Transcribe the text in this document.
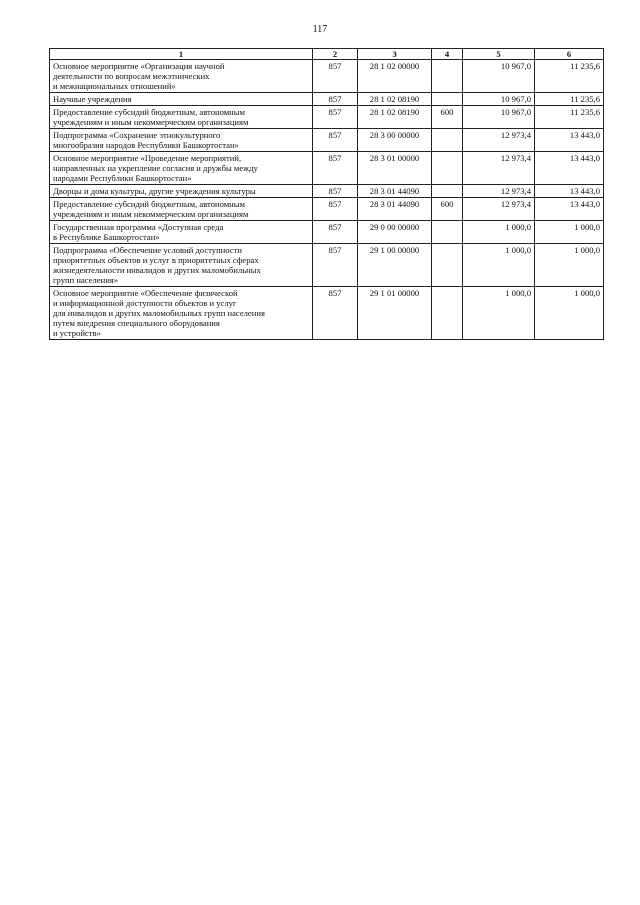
117
1	2	3	4	5	6

Основное мероприятие «Организация научной
деятельности по вопросам межэтнических
и межнациональных отношений»	857	28 1 02 00000		10 967,0	11 235,6

Научные учреждения	857	28 1 02 08190		10 967,0	11 235,6

Предоставление субсидий бюджетным, автономным
учреждениям и иным некоммерческим организациям	857	28 1 02 08190	600	10 967,0	11 235,6

Подпрограмма «Сохранение этнокультурного
многообразия народов Республики Башкортостан»	857	28 3 00 00000		12 973,4	13 443,0

Основное мероприятие «Проведение мероприятий,
направленных на укрепление согласия и дружбы между
народами Республики Башкортостан»	857	28 3 01 00000		12 973,4	13 443,0

Дворцы и дома культуры, другие учреждения культуры	857	28 3 01 44090		12 973,4	13 443,0

Предоставление субсидий бюджетным, автономным
учреждениям и иным некоммерческим организациям	857	28 3 01 44090	600	12 973,4	13 443,0

Государственная программа «Доступная среда
в Республике Башкортостан»	857	29 0 00 00000		1 000,0	1 000,0

Подпрограмма «Обеспечение условий доступности
приоритетных объектов и услуг в приоритетных сферах
жизнедеятельности инвалидов и других маломобильных
групп населения»	857	29 1 00 00000		1 000,0	1 000,0

Основное мероприятие «Обеспечение физической
и информационной доступности объектов и услуг
для инвалидов и других маломобильных групп населения
путем внедрения специального оборудования
и устройств»	857	29 1 01 00000		1 000,0	1 000,0
